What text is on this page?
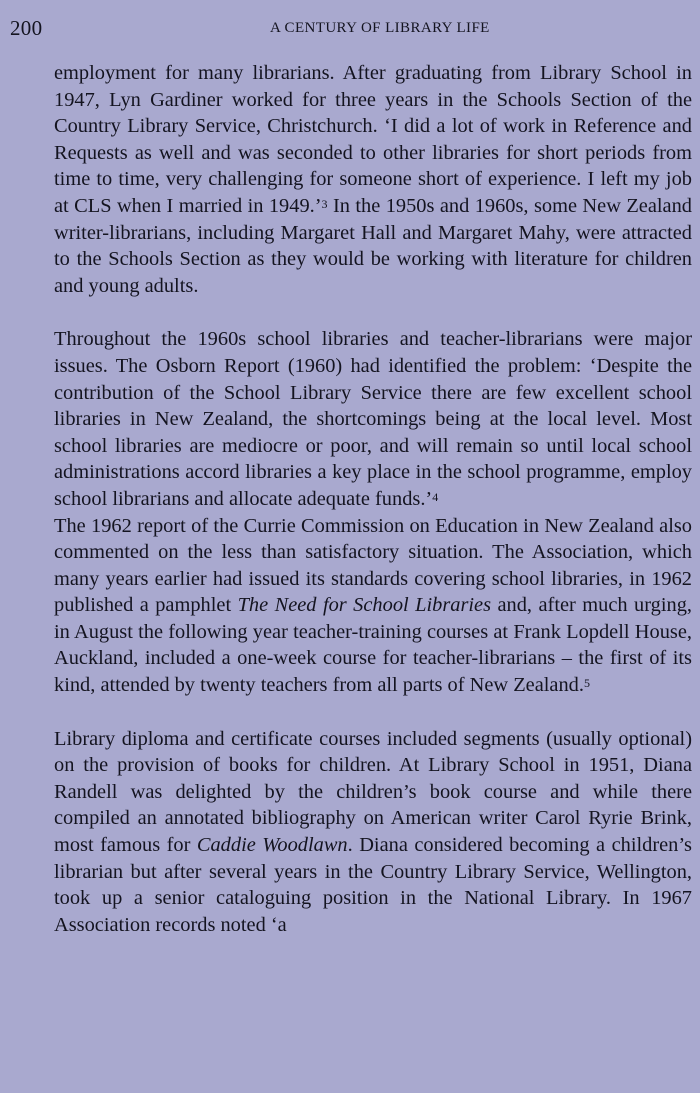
200	A CENTURY OF LIBRARY LIFE

employment for many librarians. After graduating from Library School in 1947, Lyn Gardiner worked for three years in the Schools Section of the Country Library Service, Christchurch. ‘I did a lot of work in Reference and Requests as well and was seconded to other libraries for short periods from time to time, very challenging for someone short of experience. I left my job at CLS when I married in 1949.’$^3$ In the 1950s and 1960s, some New Zealand writer-librarians, including Margaret Hall and Margaret Mahy, were attracted to the Schools Section as they would be working with literature for children and young adults.

Throughout the 1960s school libraries and teacher-librarians were major issues. The Osborn Report (1960) had identified the problem: ‘Despite the contribution of the School Library Service there are few excellent school libraries in New Zealand, the shortcomings being at the local level. Most school libraries are mediocre or poor, and will remain so until local school administrations accord libraries a key place in the school programme, employ school librarians and allocate adequate funds.’$^4$

The 1962 report of the Currie Commission on Education in New Zealand also commented on the less than satisfactory situation. The Association, which many years earlier had issued its standards covering school libraries, in 1962 published a pamphlet The Need for School Libraries and, after much urging, in August the following year teacher-training courses at Frank Lopdell House, Auckland, included a one-week course for teacher-librarians – the first of its kind, attended by twenty teachers from all parts of New Zealand.$^5$

Library diploma and certificate courses included segments (usually optional) on the provision of books for children. At Library School in 1951, Diana Randell was delighted by the children’s book course and while there compiled an annotated bibliography on American writer Carol Ryrie Brink, most famous for Caddie Woodlawn. Diana considered becoming a children’s librarian but after several years in the Country Library Service, Wellington, took up a senior cataloguing position in the National Library. In 1967 Association records noted ‘a
